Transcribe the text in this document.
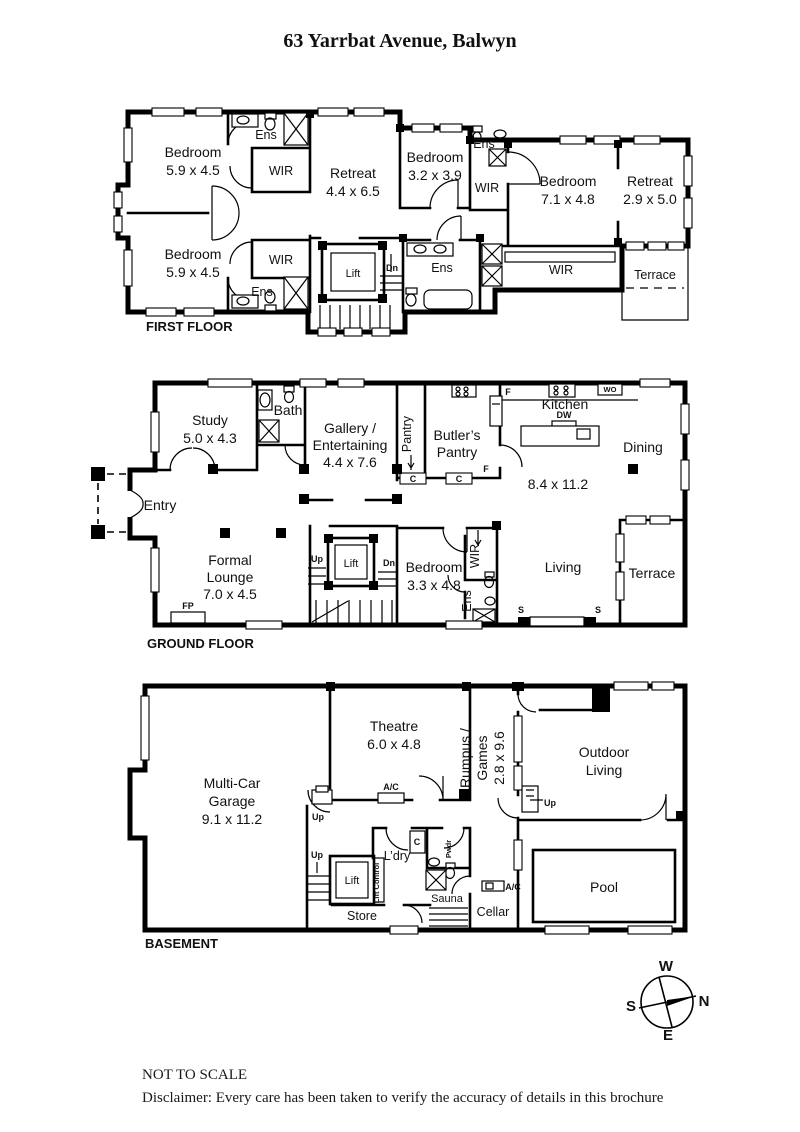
63 Yarrbat Avenue, Balwyn
Bedroom
5.9 x 4.5
Ens
WIR	Retreat
4.4 x 6.5
Bedroom
3.2 x 3.9
Ens
WIR	Bedroom
7.1 x 4.8
Retreat
2.9 x 5.0
Bedroom
5.9 x 4.5
WIR
Ens
Lift	Dn	Ens	WIR	Terrace
FIRST FLOOR
Study
5.0 x 4.3
Bath
Gallery /
Entertaining
4.4 x 7.6
Pantry Butler’s
Pantry
F
F
Kitchen
DW
WO
Dining
8.4 x 11.2
Entry
Formal
Lounge
7.0 x 4.5
FP
Up Lift	Dn Bedroom
3.3 x 4.8
WIR
Ens
Living	Terrace
C	C
S	S
GROUND FLOOR
Multi-Car
Garage
9.1 x 11.2
Theatre
6.0 x 4.8
A/C	Rumpus / Games 2.8 x 9.6	Outdoor
Living
Up
Pool
Up
Up
Lift Lift Control
L’dry
C	Pwdr
Sauna
Cellar
A/C
Store
BASEMENT
W
N
E
S
NOT TO SCALE
Disclaimer: Every care has been taken to verify the accuracy of details in this brochure
